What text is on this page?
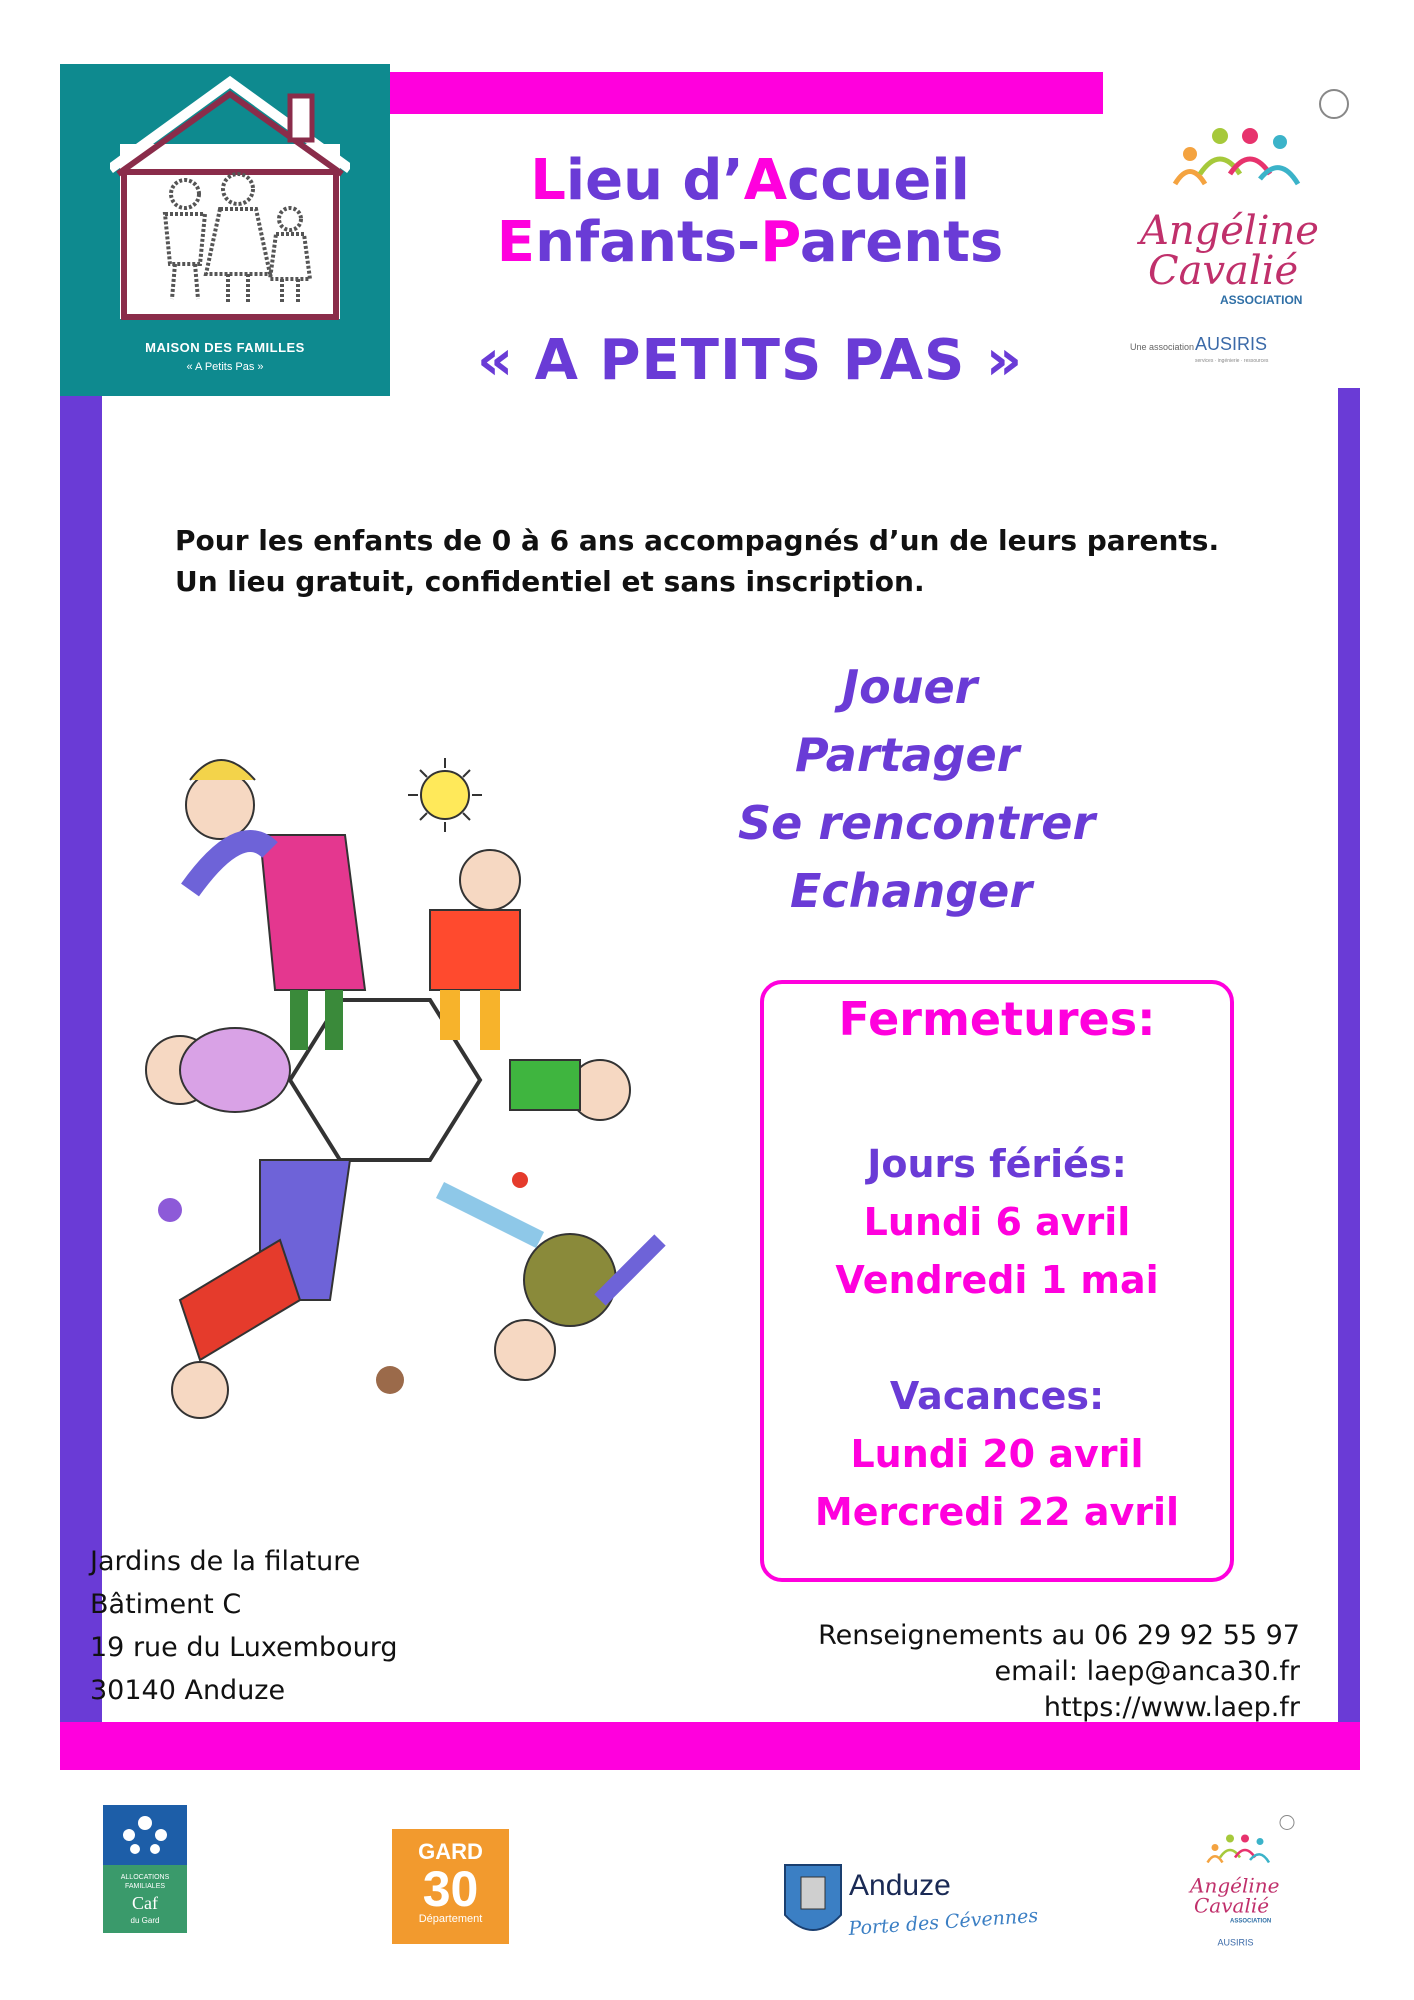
MAISON DES FAMILLES
« A Petits Pas »
Lieu d’Accueil
Enfants-Parents
« A PETITS PAS »
Angéline
Cavalié
ASSOCIATION
Une association AUSIRIS
services · ingénierie · ressources
Pour les enfants de 0 à 6 ans accompagnés d’un de leurs parents.
Un lieu gratuit, confidentiel et sans inscription.
Jouer
Partager
Se rencontrer
Echanger
Fermetures:
Jours fériés:
Lundi 6 avril
Vendredi 1 mai
Vacances:
Lundi 20 avril
Mercredi 22 avril
Jardins de la filature
Bâtiment C
19 rue du Luxembourg
30140 Anduze
Renseignements au 06 29 92 55 97
email: laep@anca30.fr
https://www.laep.fr
ALLOCATIONS
FAMILIALES
Caf
du Gard
GARD
30
Département
Anduze
Porte des Cévennes
Angéline
Cavalié
ASSOCIATION
AUSIRIS
